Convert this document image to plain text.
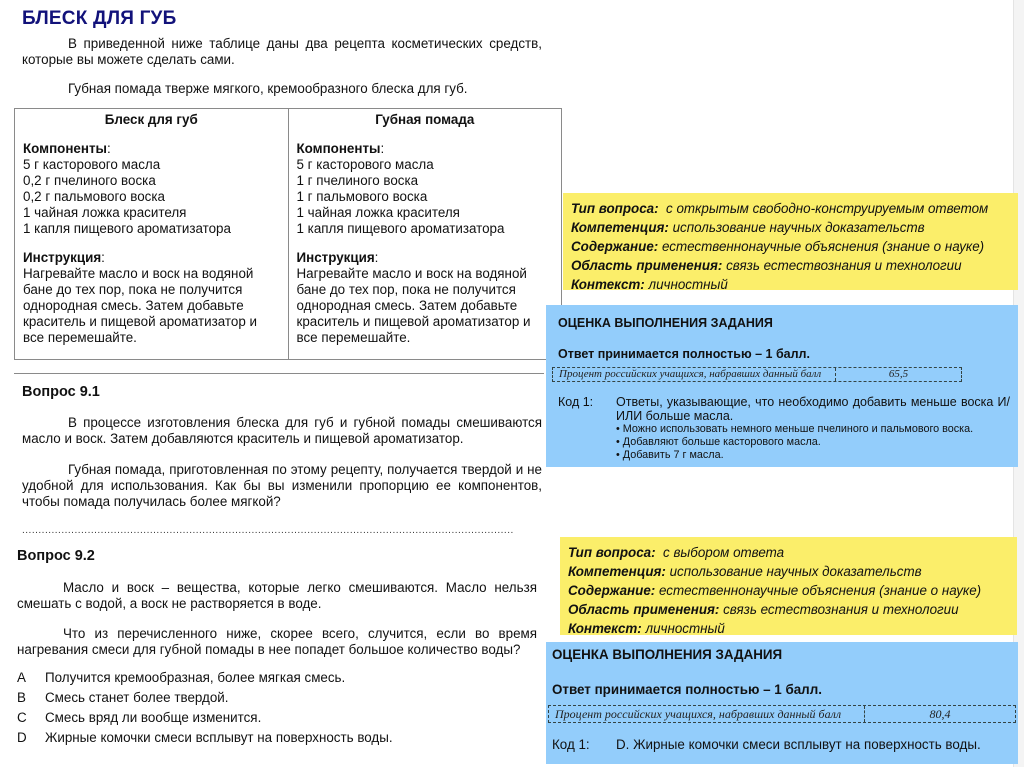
БЛЕСК ДЛЯ ГУБ
В приведенной ниже таблице даны два рецепта косметических средств, которые вы можете сделать сами.
Губная помада тверже мягкого, кремообразного блеска для губ.
Блеск для губ
Компоненты:
5 г касторового масла
0,2 г пчелиного воска
0,2 г пальмового воска
1 чайная ложка красителя
1 капля пищевого ароматизатора
Инструкция:
Нагревайте масло и воск на водяной бане до тех пор, пока не получится однородная смесь. Затем добавьте краситель и пищевой ароматизатор и все перемешайте.
Губная помада
Компоненты:
5 г касторового масла
1 г пчелиного воска
1 г пальмового воска
1 чайная ложка красителя
1 капля пищевого ароматизатора
Инструкция:
Нагревайте масло и воск на водяной бане до тех пор, пока не получится однородная смесь. Затем добавьте краситель и пищевой ароматизатор и все перемешайте.
Вопрос 9.1
В процессе изготовления блеска для губ и губной помады смешиваются масло и воск. Затем добавляются краситель и пищевой ароматизатор.
Губная помада, приготовленная по этому рецепту, получается твердой и не удобной для использования. Как бы вы изменили пропорцию ее компонентов, чтобы помада получилась более мягкой?
......................................................................................................................................................
Вопрос 9.2
Масло и воск – вещества, которые легко смешиваются. Масло нельзя смешать с водой, а воск не растворяется в воде.
Что из перечисленного ниже, скорее всего, случится, если во время нагревания смеси для губной помады в нее попадет большое количество воды?
A	Получится кремообразная, более мягкая смесь.
B	Смесь станет более твердой.
C	Смесь вряд ли вообще изменится.
D	Жирные комочки смеси всплывут на поверхность воды.
Тип вопроса: с открытым свободно-конструируемым ответом
Компетенция: использование научных доказательств
Содержание: естественнонаучные объяснения (знание о науке)
Область применения: связь естествознания и технологии
Контекст: личностный
ОЦЕНКА ВЫПОЛНЕНИЯ ЗАДАНИЯ
Ответ принимается полностью – 1 балл.
Процент российских учащихся, набравших данный балл	65,5
Код 1:	Ответы, указывающие, что необходимо добавить меньше воска И/ИЛИ больше масла.
• Можно использовать немного меньше пчелиного и пальмового воска.
• Добавляют больше касторового масла.
• Добавить 7 г масла.
Тип вопроса: с выбором ответа
Компетенция: использование научных доказательств
Содержание: естественнонаучные объяснения (знание о науке)
Область применения: связь естествознания и технологии
Контекст: личностный
ОЦЕНКА ВЫПОЛНЕНИЯ ЗАДАНИЯ
Ответ принимается полностью – 1 балл.
Процент российских учащихся, набравших данный балл	80,4
Код 1:	D. Жирные комочки смеси всплывут на поверхность воды.
